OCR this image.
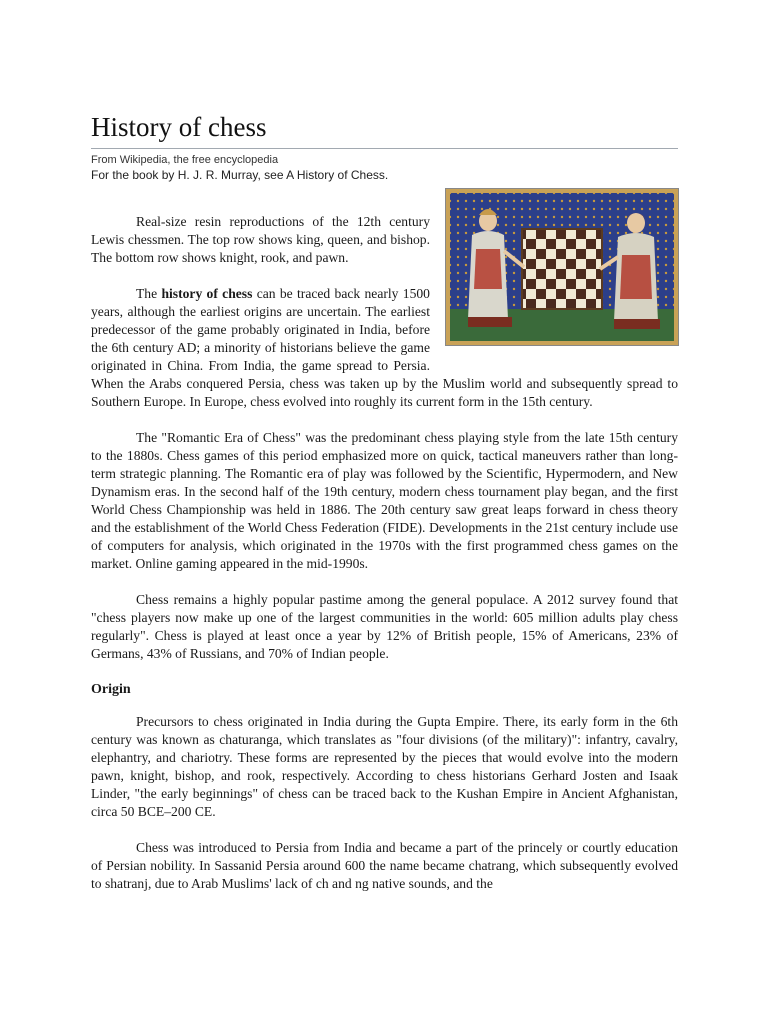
History of chess
From Wikipedia, the free encyclopedia
For the book by H. J. R. Murray, see A History of Chess.

Real-size resin reproductions of the 12th century Lewis chessmen. The top row shows king, queen, and bishop. The bottom row shows knight, rook, and pawn.

The history of chess can be traced back nearly 1500 years, although the earliest origins are uncertain. The earliest predecessor of the game probably originated in India, before the 6th century AD; a minority of historians believe the game originated in China. From India, the game spread to Persia. When the Arabs conquered Persia, chess was taken up by the Muslim world and subsequently spread to Southern Europe. In Europe, chess evolved into roughly its current form in the 15th century.

The "Romantic Era of Chess" was the predominant chess playing style from the late 15th century to the 1880s. Chess games of this period emphasized more on quick, tactical maneuvers rather than long-term strategic planning. The Romantic era of play was followed by the Scientific, Hypermodern, and New Dynamism eras. In the second half of the 19th century, modern chess tournament play began, and the first World Chess Championship was held in 1886. The 20th century saw great leaps forward in chess theory and the establishment of the World Chess Federation (FIDE). Developments in the 21st century include use of computers for analysis, which originated in the 1970s with the first programmed chess games on the market. Online gaming appeared in the mid-1990s.

Chess remains a highly popular pastime among the general populace. A 2012 survey found that "chess players now make up one of the largest communities in the world: 605 million adults play chess regularly". Chess is played at least once a year by 12% of British people, 15% of Americans, 23% of Germans, 43% of Russians, and 70% of Indian people.

Origin

Precursors to chess originated in India during the Gupta Empire. There, its early form in the 6th century was known as chaturanga, which translates as "four divisions (of the military)": infantry, cavalry, elephantry, and chariotry. These forms are represented by the pieces that would evolve into the modern pawn, knight, bishop, and rook, respectively. According to chess historians Gerhard Josten and Isaak Linder, "the early beginnings" of chess can be traced back to the Kushan Empire in Ancient Afghanistan, circa 50 BCE–200 CE.

Chess was introduced to Persia from India and became a part of the princely or courtly education of Persian nobility. In Sassanid Persia around 600 the name became chatrang, which subsequently evolved to shatranj, due to Arab Muslims' lack of ch and ng native sounds, and the
